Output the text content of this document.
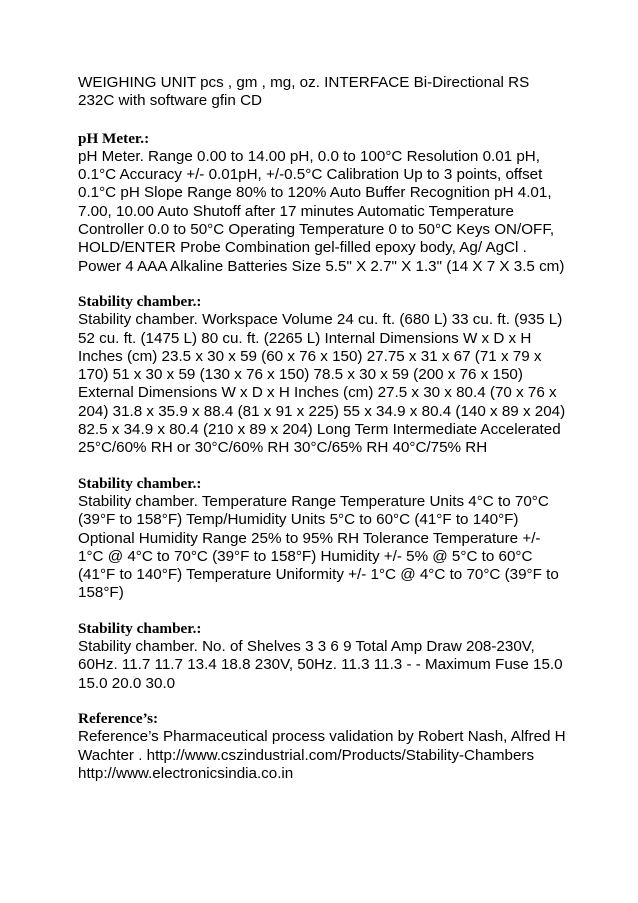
WEIGHING UNIT pcs , gm , mg, oz. INTERFACE Bi-Directional RS 232C with software gfin CD

pH Meter.:

pH Meter. Range 0.00 to 14.00 pH, 0.0 to 100°C Resolution 0.01 pH, 0.1°C Accuracy +/- 0.01pH, +/-0.5°C Calibration Up to 3 points, offset 0.1°C pH Slope Range 80% to 120% Auto Buffer Recognition pH 4.01, 7.00, 10.00 Auto Shutoff after 17 minutes Automatic Temperature Controller 0.0 to 50°C Operating Temperature 0 to 50°C Keys ON/OFF, HOLD/ENTER Probe Combination gel-filled epoxy body, Ag/ AgCl . Power 4 AAA Alkaline Batteries Size 5.5" X 2.7" X 1.3" (14 X 7 X 3.5 cm)

Stability chamber.:

Stability chamber. Workspace Volume 24 cu. ft. (680 L) 33 cu. ft. (935 L) 52 cu. ft. (1475 L) 80 cu. ft. (2265 L) Internal Dimensions W x D x H Inches (cm) 23.5 x 30 x 59 (60 x 76 x 150) 27.75 x 31 x 67 (71 x 79 x 170) 51 x 30 x 59 (130 x 76 x 150) 78.5 x 30 x 59 (200 x 76 x 150) External Dimensions W x D x H Inches (cm) 27.5 x 30 x 80.4 (70 x 76 x 204) 31.8 x 35.9 x 88.4 (81 x 91 x 225) 55 x 34.9 x 80.4 (140 x 89 x 204) 82.5 x 34.9 x 80.4 (210 x 89 x 204) Long Term Intermediate Accelerated 25°C/60% RH or 30°C/60% RH 30°C/65% RH 40°C/75% RH

Stability chamber.:

Stability chamber. Temperature Range Temperature Units 4°C to 70°C (39°F to 158°F) Temp/Humidity Units 5°C to 60°C (41°F to 140°F) Optional Humidity Range 25% to 95% RH Tolerance Temperature +/- 1°C @ 4°C to 70°C (39°F to 158°F) Humidity +/- 5% @ 5°C to 60°C (41°F to 140°F) Temperature Uniformity +/- 1°C @ 4°C to 70°C (39°F to 158°F)

Stability chamber.:

Stability chamber. No. of Shelves 3 3 6 9 Total Amp Draw 208-230V, 60Hz. 11.7 11.7 13.4 18.8 230V, 50Hz. 11.3 11.3 - - Maximum Fuse 15.0 15.0 20.0 30.0

Reference’s:

Reference’s Pharmaceutical process validation by Robert Nash, Alfred H Wachter . http://www.cszindustrial.com/Products/Stability-Chambers http://www.electronicsindia.co.in
